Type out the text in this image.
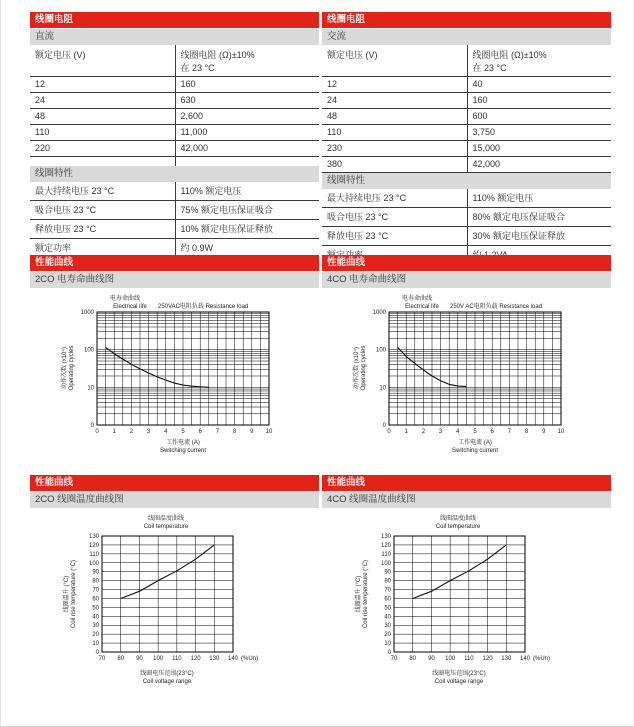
线圈电阻
直流
额定电压 (V)	线圈电阻 (Ω)±10%
在 23 °C
12	160
24	630
48	2,600
110	11,000
220	42,000
线圈特性
最大持续电压 23 °C	110% 额定电压
吸合电压 23 °C	75% 额定电压保证吸合
释放电压 23 °C	10% 额定电压保证释放
额定功率	约 0.9W
线圈电阻
交流
额定电压 (V)	线圈电阻 (Ω)±10%
在 23 °C
12	40
24	160
48	600
110	3,750
230	15,000
380	42,000
线圈特性
最大持续电压 23 °C	110% 额定电压
吸合电压 23 °C	80% 额定电压保证吸合
释放电压 23 °C	30% 额定电压保证释放
性能曲线
2CO 电寿命曲线图
0 1 2 3 4 5 6 7 8 9 10
1000
100
10
0
电寿命曲线
Electrical life 250VAC电阻负载 Resistance load
动作次数 (x10⁴) Operating cycles
工作电流 (A)
Switching current
性能曲线
4CO 电寿命曲线图
0 1 2 3 4 5 6 7 8 9 10
1000
100
10
0
电寿命曲线
Electrical life 250V AC电阻负载 Resistance load
动作次数 (x10⁴) Operating cycles
工作电流 (A)
Switching current
性能曲线
2CO 线圈温度曲线图
70 80 90 100 110 120 130 140 (%Un)
130
120
110
100
90
80
70
60
50
40
30
20
10
0
线圈温度曲线
Coil temperature
线圈温升 (°C) Coil rise temperature (°C)
线圈电压范围(23°C)
Coil voltage range
性能曲线
4CO 线圈温度曲线图
70 80 90 100 110 120 130 140 (%Un)
130
120
110
100
90
80
70
60
50
40
30
20
10
0
线圈温度曲线
Coil temperature
线圈温升 (°C) Coil rise temperature (°C)
线圈电压范围(23°C)
Coil voltage range
